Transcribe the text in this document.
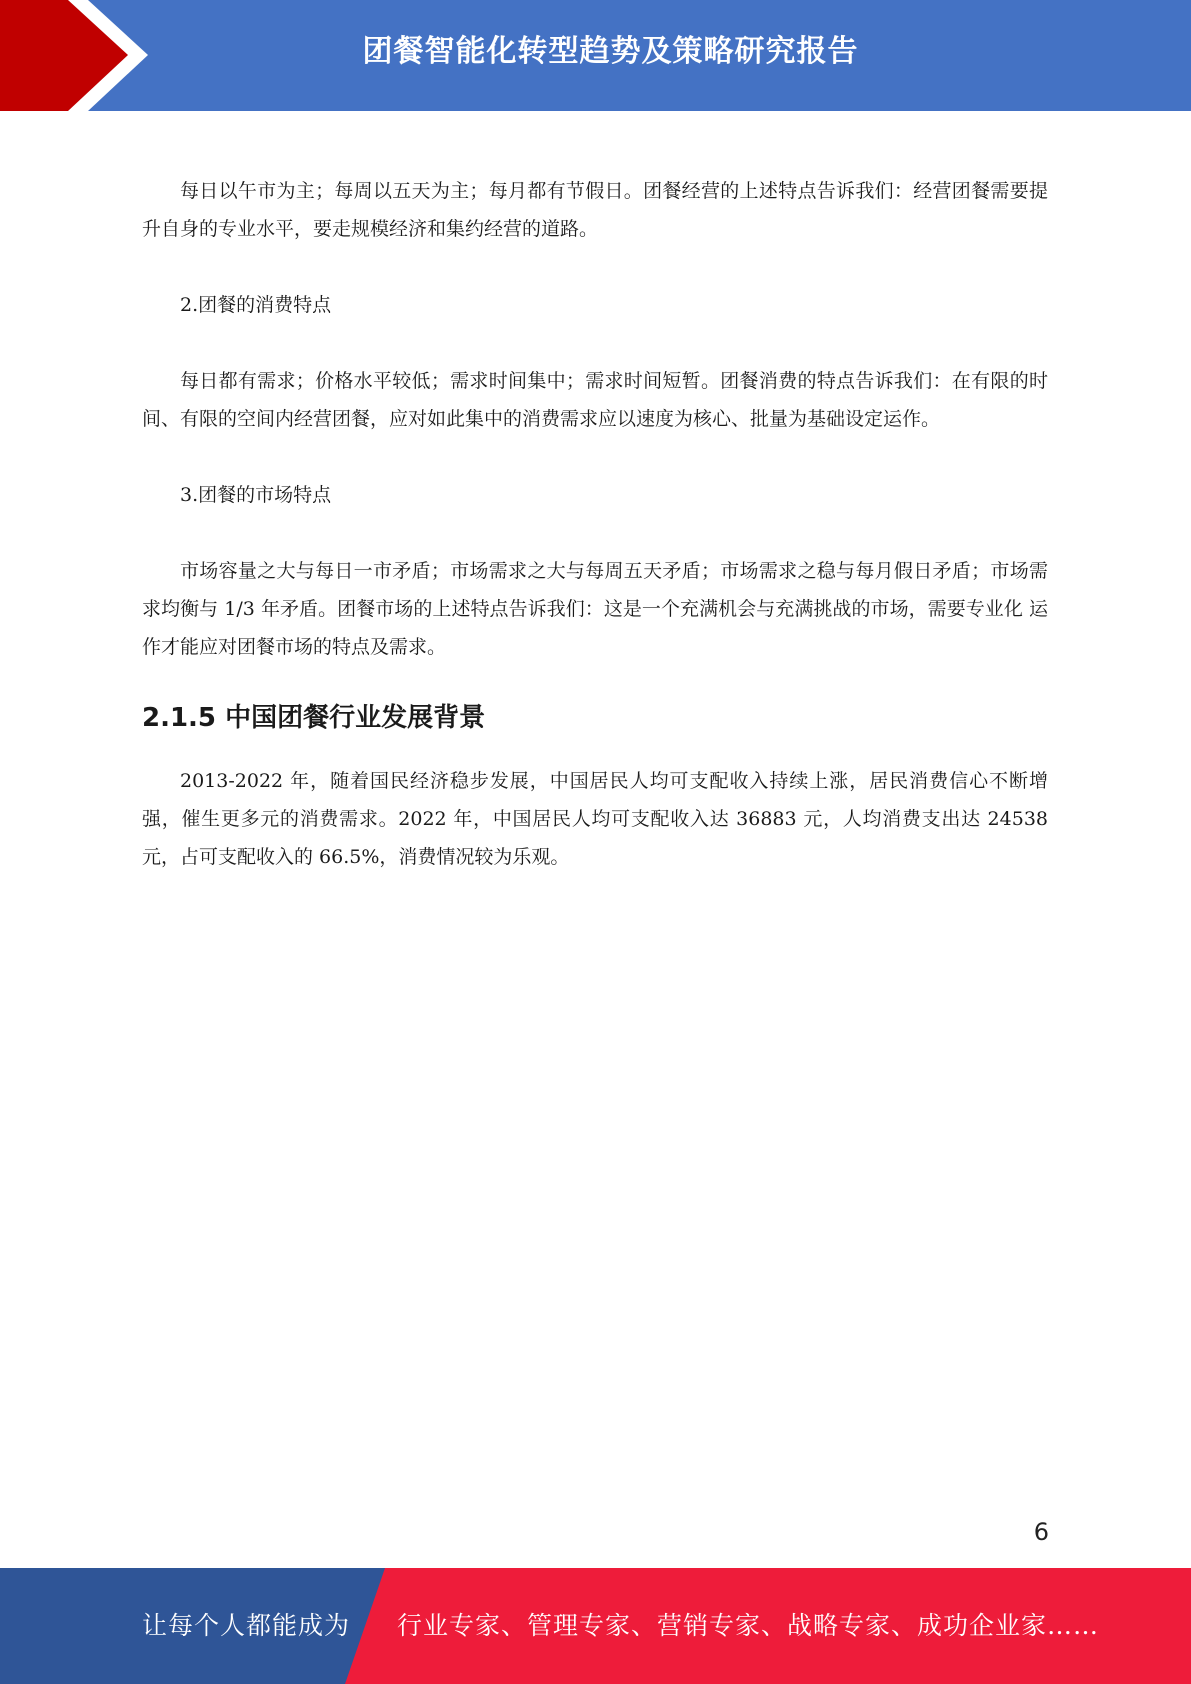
团餐智能化转型趋势及策略研究报告

每日以午市为主；每周以五天为主；每月都有节假日。团餐经营的上述特点告诉我们：经营团餐需要提升自身的专业水平，要走规模经济和集约经营的道路。

2.团餐的消费特点

每日都有需求；价格水平较低；需求时间集中；需求时间短暂。团餐消费的特点告诉我们：在有限的时间、有限的空间内经营团餐，应对如此集中的消费需求应以速度为核心、批量为基础设定运作。

3.团餐的市场特点

市场容量之大与每日一市矛盾；市场需求之大与每周五天矛盾；市场需求之稳与每月假日矛盾；市场需求均衡与 1/3 年矛盾。团餐市场的上述特点告诉我们：这是一个充满机会与充满挑战的市场，需要专业化 运作才能应对团餐市场的特点及需求。

2.1.5 中国团餐行业发展背景

2013-2022 年，随着国民经济稳步发展，中国居民人均可支配收入持续上涨，居民消费信心不断增强，催生更多元的消费需求。2022 年，中国居民人均可支配收入达 36883 元，人均消费支出达 24538 元，占可支配收入的 66.5%，消费情况较为乐观。

6
让每个人都能成为 行业专家、管理专家、营销专家、战略专家、成功企业家……
